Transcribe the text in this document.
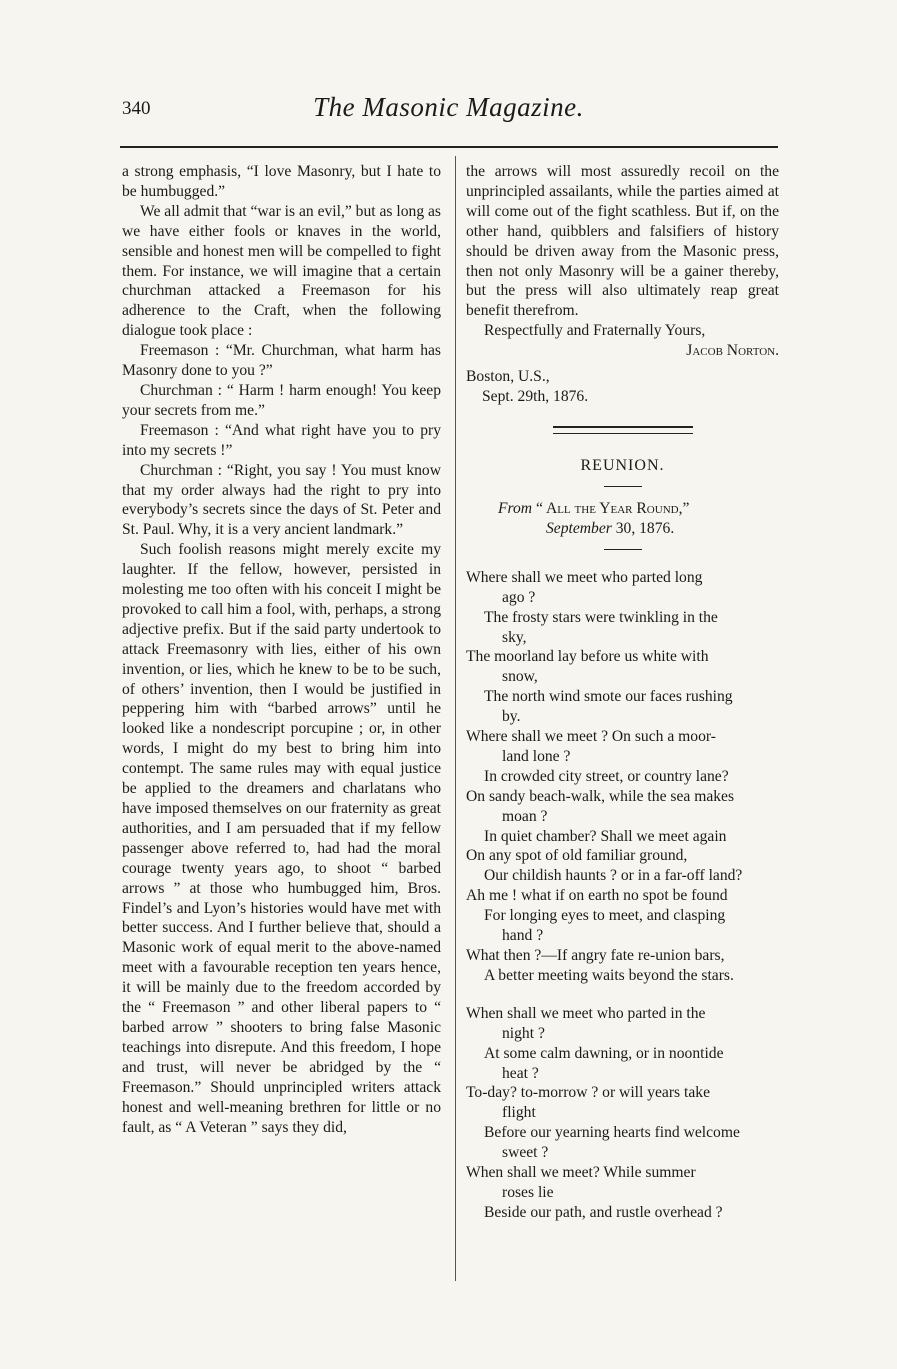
340	The Masonic Magazine.

a strong emphasis, “I love Masonry, but I hate to be humbugged.”

We all admit that “war is an evil,” but as long as we have either fools or knaves in the world, sensible and honest men will be compelled to fight them. For instance, we will imagine that a certain churchman attacked a Freemason for his adherence to the Craft, when the following dialogue took place :

Freemason : “Mr. Churchman, what harm has Masonry done to you ?”

Churchman : “ Harm ! harm enough! You keep your secrets from me.”

Freemason : “And what right have you to pry into my secrets !”

Churchman : “Right, you say ! You must know that my order always had the right to pry into everybody’s secrets since the days of St. Peter and St. Paul. Why, it is a very ancient landmark.”

Such foolish reasons might merely excite my laughter. If the fellow, however, persisted in molesting me too often with his conceit I might be provoked to call him a fool, with, perhaps, a strong adjective prefix. But if the said party undertook to attack Freemasonry with lies, either of his own invention, or lies, which he knew to be to be such, of others’ invention, then I would be justified in peppering him with “barbed arrows” until he looked like a nondescript porcupine ; or, in other words, I might do my best to bring him into contempt. The same rules may with equal justice be applied to the dreamers and charlatans who have imposed themselves on our fraternity as great authorities, and I am persuaded that if my fellow passenger above referred to, had had the moral courage twenty years ago, to shoot “ barbed arrows ” at those who humbugged him, Bros. Findel’s and Lyon’s histories would have met with better success. And I further believe that, should a Masonic work of equal merit to the above-named meet with a favourable reception ten years hence, it will be mainly due to the freedom accorded by the “ Freemason ” and other liberal papers to “ barbed arrow ” shooters to bring false Masonic teachings into disrepute. And this freedom, I hope and trust, will never be abridged by the “ Freemason.” Should unprincipled writers attack honest and well-meaning brethren for little or no fault, as “ A Veteran ” says they did,

the arrows will most assuredly recoil on the unprincipled assailants, while the parties aimed at will come out of the fight scathless. But if, on the other hand, quibblers and falsifiers of history should be driven away from the Masonic press, then not only Masonry will be a gainer thereby, but the press will also ultimately reap great benefit therefrom.

Respectfully and Fraternally Yours,

Jacob Norton.

Boston, U.S.,

Sept. 29th, 1876.

REUNION.

From “ All the Year Round,”
September 30, 1876.

Where shall we meet who parted long

ago ?

The frosty stars were twinkling in the

sky,

The moorland lay before us white with

snow,

The north wind smote our faces rushing

by.

Where shall we meet ? On such a moor-

land lone ?

In crowded city street, or country lane?

On sandy beach-walk, while the sea makes

moan ?

In quiet chamber? Shall we meet again

On any spot of old familiar ground,

Our childish haunts ? or in a far-off land?

Ah me ! what if on earth no spot be found

For longing eyes to meet, and clasping

hand ?

What then ?—If angry fate re-union bars,

A better meeting waits beyond the stars.

When shall we meet who parted in the

night ?

At some calm dawning, or in noontide

heat ?

To-day? to-morrow ? or will years take

flight

Before our yearning hearts find welcome

sweet ?

When shall we meet? While summer

roses lie

Beside our path, and rustle overhead ?
